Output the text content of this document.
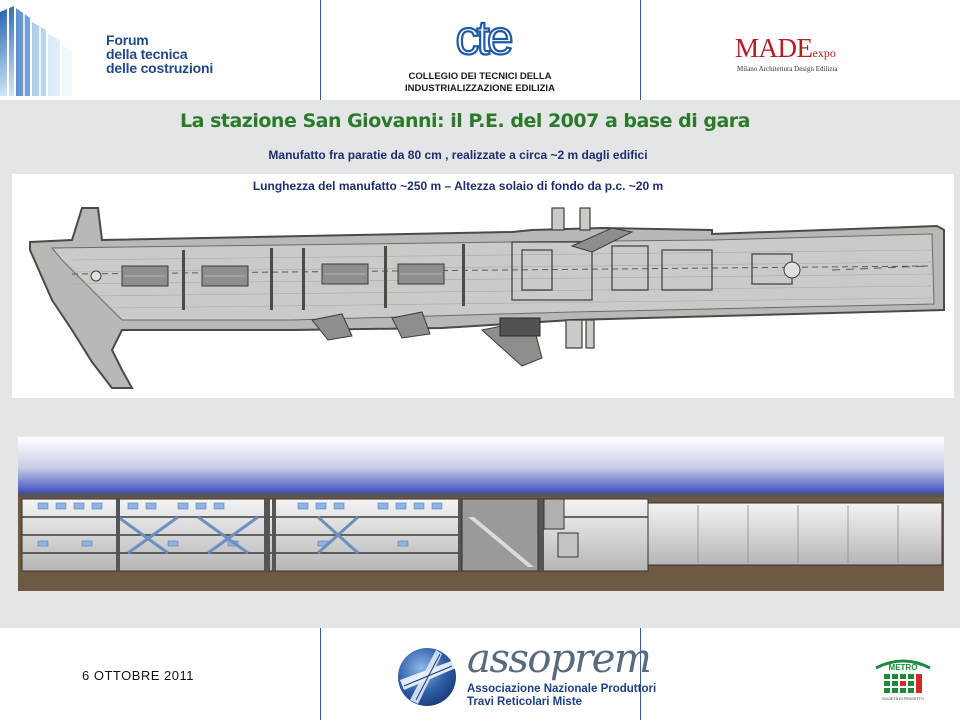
Forum
della tecnica
delle costruzioni
cte
COLLEGIO DEI TECNICI DELLA
INDUSTRIALIZZAZIONE EDILIZIA
MADEexpo
Milano Architettura Design Edilizia
La stazione San Giovanni: il P.E. del 2007 a base di gara
Manufatto fra paratie da 80 cm , realizzate a circa ~2 m dagli edifici
Lunghezza del manufatto ~250 m – Altezza solaio di fondo da p.c. ~20 m
6 OTTOBRE 2011	assoprem
Associazione Nazionale Produttori
Travi Reticolari Miste
METRO
SOCIETÀ DI PROGETTO
